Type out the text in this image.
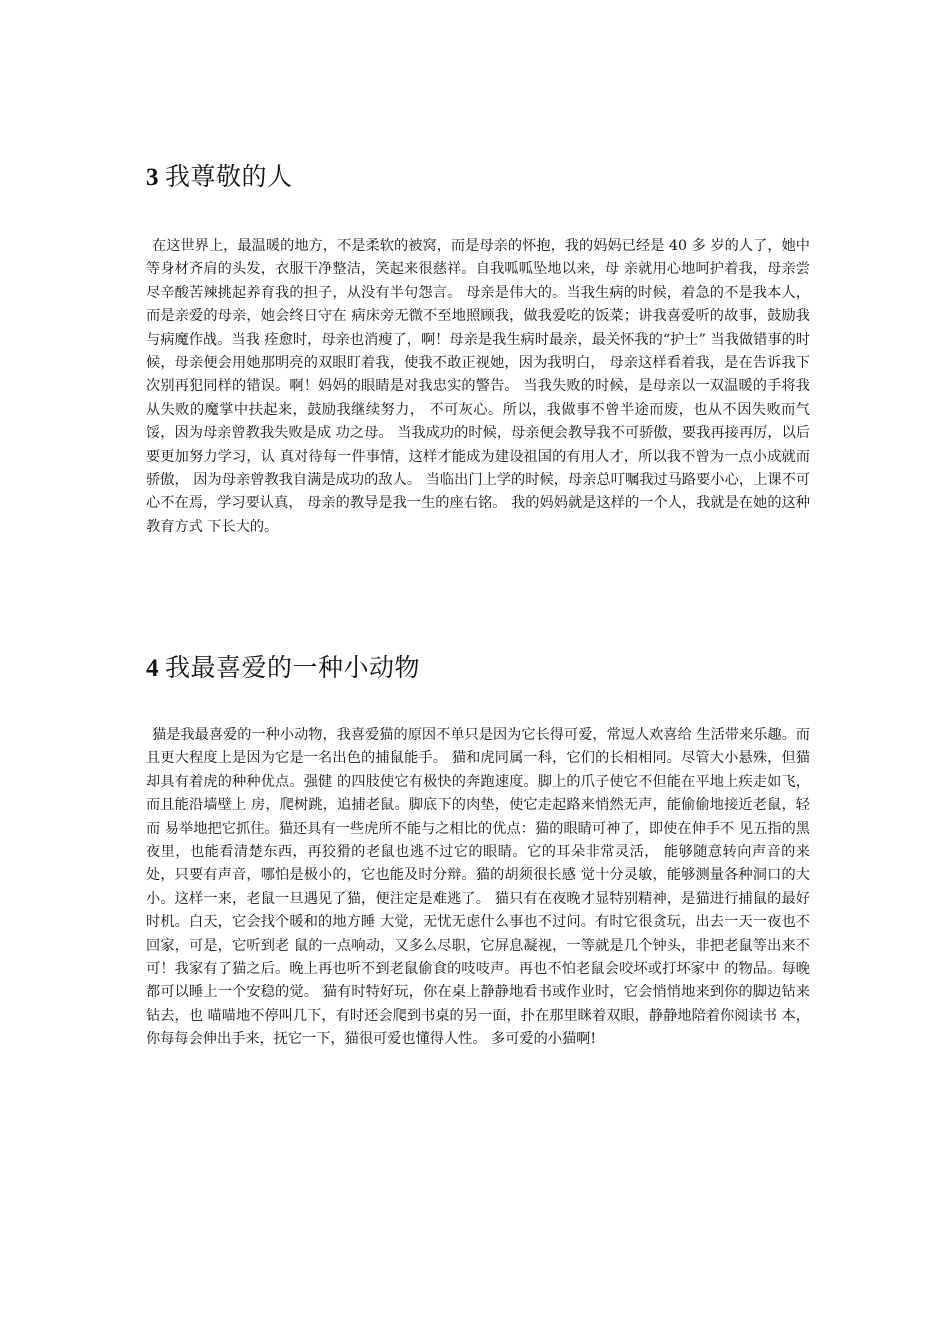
3 我尊敬的人

在这世界上，最温暖的地方，不是柔软的被窝，而是母亲的怀抱，我的妈妈已经是 40 多 岁的人了，她中等身材齐肩的头发，衣服干净整洁，笑起来很慈祥。自我呱呱坠地以来，母 亲就用心地呵护着我，母亲尝尽辛酸苦辣挑起养育我的担子，从没有半句怨言。 母亲是伟大的。当我生病的时候，着急的不是我本人，而是亲爱的母亲，她会终日守在 病床旁无微不至地照顾我，做我爱吃的饭菜；讲我喜爱听的故事，鼓励我与病魔作战。当我 痊愈时，母亲也消瘦了，啊！母亲是我生病时最亲，最关怀我的“护士” 当我做错事的时候，母亲便会用她那明亮的双眼盯着我，使我不敢正视她，因为我明白， 母亲这样看着我，是在告诉我下次别再犯同样的错误。啊！妈妈的眼睛是对我忠实的警告。 当我失败的时候，是母亲以一双温暖的手将我从失败的魔掌中扶起来，鼓励我继续努力， 不可灰心。所以，我做事不曾半途而废，也从不因失败而气馁，因为母亲曾教我失败是成 功之母。 当我成功的时候，母亲便会教导我不可骄傲，要我再接再厉，以后要更加努力学习，认 真对待每一件事情，这样才能成为建设祖国的有用人才，所以我不曾为一点小成就而骄傲， 因为母亲曾教我自满是成功的敌人。 当临出门上学的时候，母亲总叮嘱我过马路要小心，上课不可心不在焉，学习要认真， 母亲的教导是我一生的座右铭。 我的妈妈就是这样的一个人，我就是在她的这种教育方式 下长大的。

4 我最喜爱的一种小动物

猫是我最喜爱的一种小动物，我喜爱猫的原因不单只是因为它长得可爱，常逗人欢喜给 生活带来乐趣。而且更大程度上是因为它是一名出色的捕鼠能手。 猫和虎同属一科，它们的长相相同。尽管大小悬殊，但猫却具有着虎的种种优点。强健 的四肢使它有极快的奔跑速度。脚上的爪子使它不但能在平地上疾走如飞，而且能沿墙壁上 房，爬树跳，追捕老鼠。脚底下的肉垫，使它走起路来悄然无声，能偷偷地接近老鼠，轻而 易举地把它抓住。猫还具有一些虎所不能与之相比的优点：猫的眼睛可神了，即使在伸手不 见五指的黑夜里，也能看清楚东西，再狡猾的老鼠也逃不过它的眼睛。它的耳朵非常灵活， 能够随意转向声音的来处，只要有声音，哪怕是极小的，它也能及时分辩。猫的胡须很长感 觉十分灵敏，能够测量各种洞口的大小。这样一来，老鼠一旦遇见了猫，便注定是难逃了。 猫只有在夜晚才显特别精神，是猫进行捕鼠的最好时机。白天，它会找个暖和的地方睡 大觉，无忧无虑什么事也不过问。有时它很贪玩，出去一天一夜也不回家，可是，它听到老 鼠的一点响动，又多么尽职，它屏息凝视，一等就是几个钟头，非把老鼠等出来不可！我家有了猫之后。晚上再也听不到老鼠偷食的吱吱声。再也不怕老鼠会咬坏或打坏家中 的物品。每晚都可以睡上一个安稳的觉。 猫有时特好玩，你在桌上静静地看书或作业时，它会悄悄地来到你的脚边钻来钻去，也 喵喵地不停叫几下，有时还会爬到书桌的另一面，扑在那里眯着双眼，静静地陪着你阅读书 本，你每每会伸出手来，抚它一下，猫很可爱也懂得人性。 多可爱的小猫啊!
